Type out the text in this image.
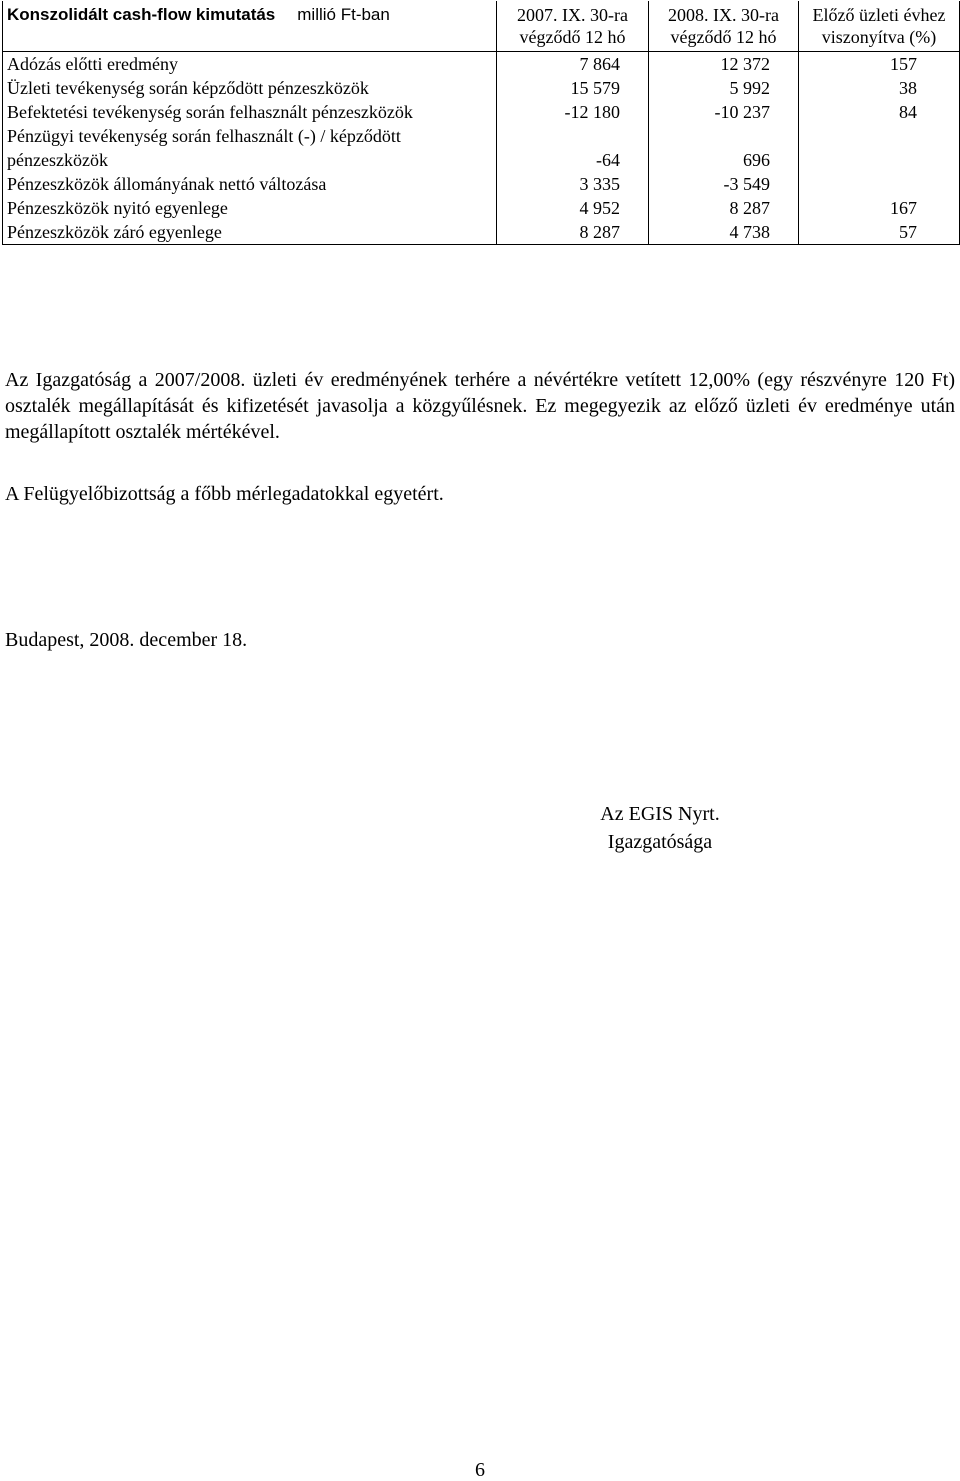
Konszolidált cash-flow kimutatás millió Ft-ban	2007. IX. 30-ra végződő 12 hó	2008. IX. 30-ra végződő 12 hó	Előző üzleti évhez viszonyítva (%)
Adózás előtti eredmény	7 864	12 372	157
Üzleti tevékenység során képződött pénzeszközök	15 579	5 992	38
Befektetési tevékenység során felhasznált pénzeszközök	-12 180	-10 237	84
Pénzügyi tevékenység során felhasznált (-) / képződött pénzeszközök	-64	696	
Pénzeszközök állományának nettó változása	3 335	-3 549	
Pénzeszközök nyitó egyenlege	4 952	8 287	167
Pénzeszközök záró egyenlege	8 287	4 738	57

Az Igazgatóság a 2007/2008. üzleti év eredményének terhére a névértékre vetített 12,00% (egy részvényre 120 Ft) osztalék megállapítását és kifizetését javasolja a közgyűlésnek. Ez megegyezik az előző üzleti év eredménye után megállapított osztalék mértékével.

A Felügyelőbizottság a főbb mérlegadatokkal egyetért.

Budapest, 2008. december 18.

Az EGIS Nyrt.
Igazgatósága
6
